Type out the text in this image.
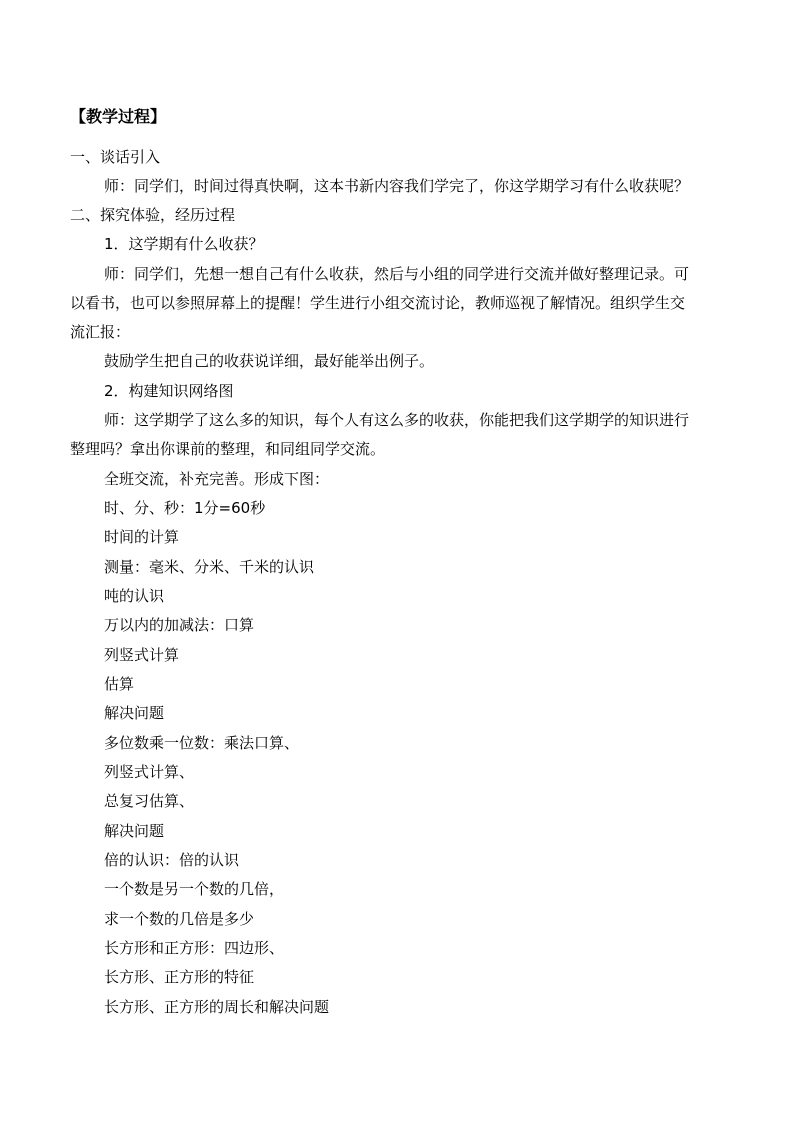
【教学过程】
一、谈话引入
师：同学们，时间过得真快啊，这本书新内容我们学完了，你这学期学习有什么收获呢？
二、探究体验，经历过程
1．这学期有什么收获？
师：同学们，先想一想自己有什么收获，然后与小组的同学进行交流并做好整理记录。可
以看书，也可以参照屏幕上的提醒！学生进行小组交流讨论，教师巡视了解情况。组织学生交
流汇报：
鼓励学生把自己的收获说详细，最好能举出例子。
2．构建知识网络图
师：这学期学了这么多的知识，每个人有这么多的收获，你能把我们这学期学的知识进行
整理吗？拿出你课前的整理，和同组同学交流。
全班交流，补充完善。形成下图：
时、分、秒：1分=60秒
时间的计算
测量：毫米、分米、千米的认识
吨的认识
万以内的加减法：口算
列竖式计算
估算
解决问题
多位数乘一位数：乘法口算、
列竖式计算、
总复习估算、
解决问题
倍的认识：倍的认识
一个数是另一个数的几倍，
求一个数的几倍是多少
长方形和正方形：四边形、
长方形、正方形的特征
长方形、正方形的周长和解决问题
